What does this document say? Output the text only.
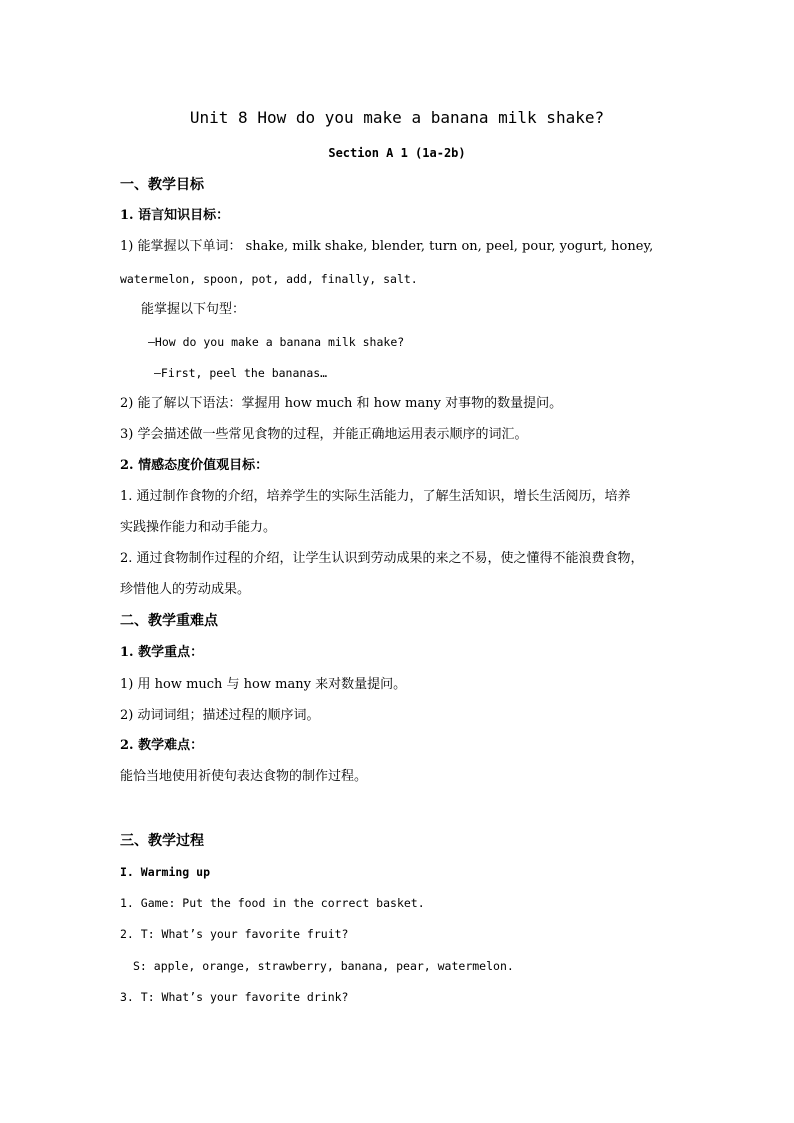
Unit 8 How do you make a banana milk shake?
Section A 1 (1a-2b)
一、教学目标
1. 语言知识目标：
1) 能掌握以下单词： shake, milk shake, blender, turn on, peel, pour, yogurt, honey,
watermelon, spoon, pot, add, finally, salt.
能掌握以下句型：
—How do you make a banana milk shake?
—First, peel the bananas…
2) 能了解以下语法：掌握用 how much 和 how many 对事物的数量提问。
3) 学会描述做一些常见食物的过程，并能正确地运用表示顺序的词汇。
2. 情感态度价值观目标：
1. 通过制作食物的介绍，培养学生的实际生活能力，了解生活知识，增长生活阅历，培养
实践操作能力和动手能力。
2. 通过食物制作过程的介绍，让学生认识到劳动成果的来之不易，使之懂得不能浪费食物，
珍惜他人的劳动成果。
二、教学重难点
1. 教学重点：
1) 用 how much 与 how many 来对数量提问。
2) 动词词组；描述过程的顺序词。
2. 教学难点：
能恰当地使用祈使句表达食物的制作过程。
三、教学过程
I. Warming up
1. Game: Put the food in the correct basket.
2. T: What’s your favorite fruit?
S: apple, orange, strawberry, banana, pear, watermelon.
3. T: What’s your favorite drink?
